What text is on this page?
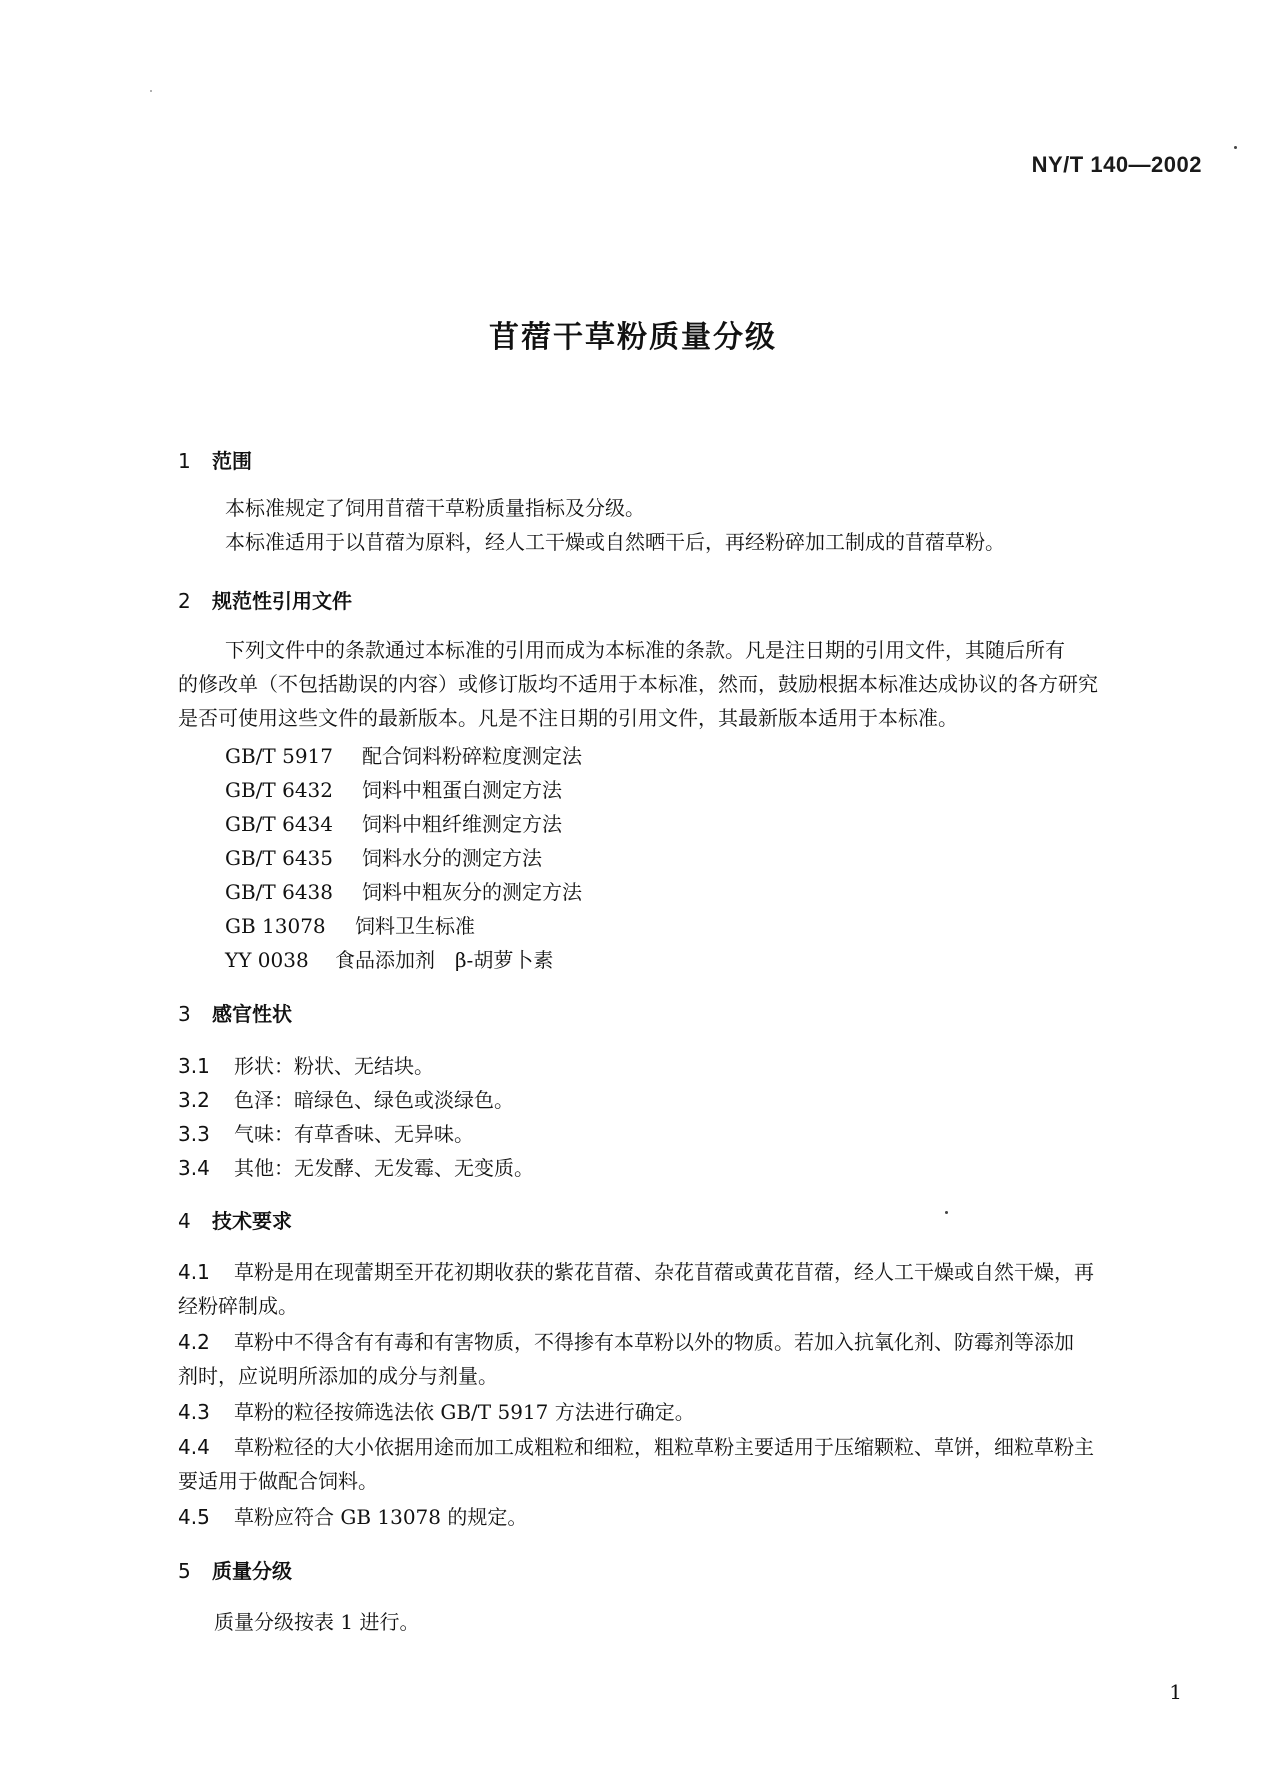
NY/T 140—2002
苜蓿干草粉质量分级
1 范围
本标准规定了饲用苜蓿干草粉质量指标及分级。
本标准适用于以苜蓿为原料，经人工干燥或自然晒干后，再经粉碎加工制成的苜蓿草粉。
2 规范性引用文件
下列文件中的条款通过本标准的引用而成为本标准的条款。凡是注日期的引用文件，其随后所有
的修改单（不包括勘误的内容）或修订版均不适用于本标准，然而，鼓励根据本标准达成协议的各方研究
是否可使用这些文件的最新版本。凡是不注日期的引用文件，其最新版本适用于本标准。
GB/T 5917 配合饲料粉碎粒度测定法
GB/T 6432 饲料中粗蛋白测定方法
GB/T 6434 饲料中粗纤维测定方法
GB/T 6435 饲料水分的测定方法
GB/T 6438 饲料中粗灰分的测定方法
GB 13078 饲料卫生标准
YY 0038 食品添加剂　β-胡萝卜素
3 感官性状
3.1 形状：粉状、无结块。
3.2 色泽：暗绿色、绿色或淡绿色。
3.3 气味：有草香味、无异味。
3.4 其他：无发酵、无发霉、无变质。
4 技术要求
4.1 草粉是用在现蕾期至开花初期收获的紫花苜蓿、杂花苜蓿或黄花苜蓿，经人工干燥或自然干燥，再
经粉碎制成。
4.2 草粉中不得含有有毒和有害物质，不得掺有本草粉以外的物质。若加入抗氧化剂、防霉剂等添加
剂时，应说明所添加的成分与剂量。
4.3 草粉的粒径按筛选法依 GB/T 5917 方法进行确定。
4.4 草粉粒径的大小依据用途而加工成粗粒和细粒，粗粒草粉主要适用于压缩颗粒、草饼，细粒草粉主
要适用于做配合饲料。
4.5 草粉应符合 GB 13078 的规定。
5 质量分级
质量分级按表 1 进行。
1
